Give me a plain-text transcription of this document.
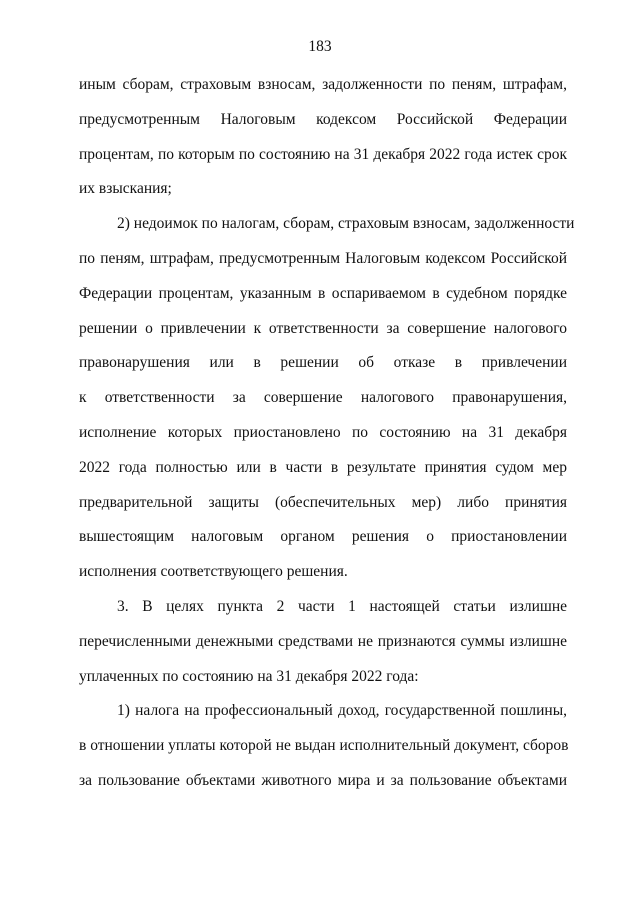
183
иным сборам, страховым взносам, задолженности по пеням, штрафам,
предусмотренным Налоговым кодексом Российской Федерации
процентам, по которым по состоянию на 31 декабря 2022 года истек срок
их взыскания;
2) недоимок по налогам, сборам, страховым взносам, задолженности
по пеням, штрафам, предусмотренным Налоговым кодексом Российской
Федерации процентам, указанным в оспариваемом в судебном порядке
решении о привлечении к ответственности за совершение налогового
правонарушения или в решении об отказе в привлечении
к ответственности за совершение налогового правонарушения,
исполнение которых приостановлено по состоянию на 31 декабря
2022 года полностью или в части в результате принятия судом мер
предварительной защиты (обеспечительных мер) либо принятия
вышестоящим налоговым органом решения о приостановлении
исполнения соответствующего решения.
3. В целях пункта 2 части 1 настоящей статьи излишне
перечисленными денежными средствами не признаются суммы излишне
уплаченных по состоянию на 31 декабря 2022 года:
1) налога на профессиональный доход, государственной пошлины,
в отношении уплаты которой не выдан исполнительный документ, сборов
за пользование объектами животного мира и за пользование объектами
